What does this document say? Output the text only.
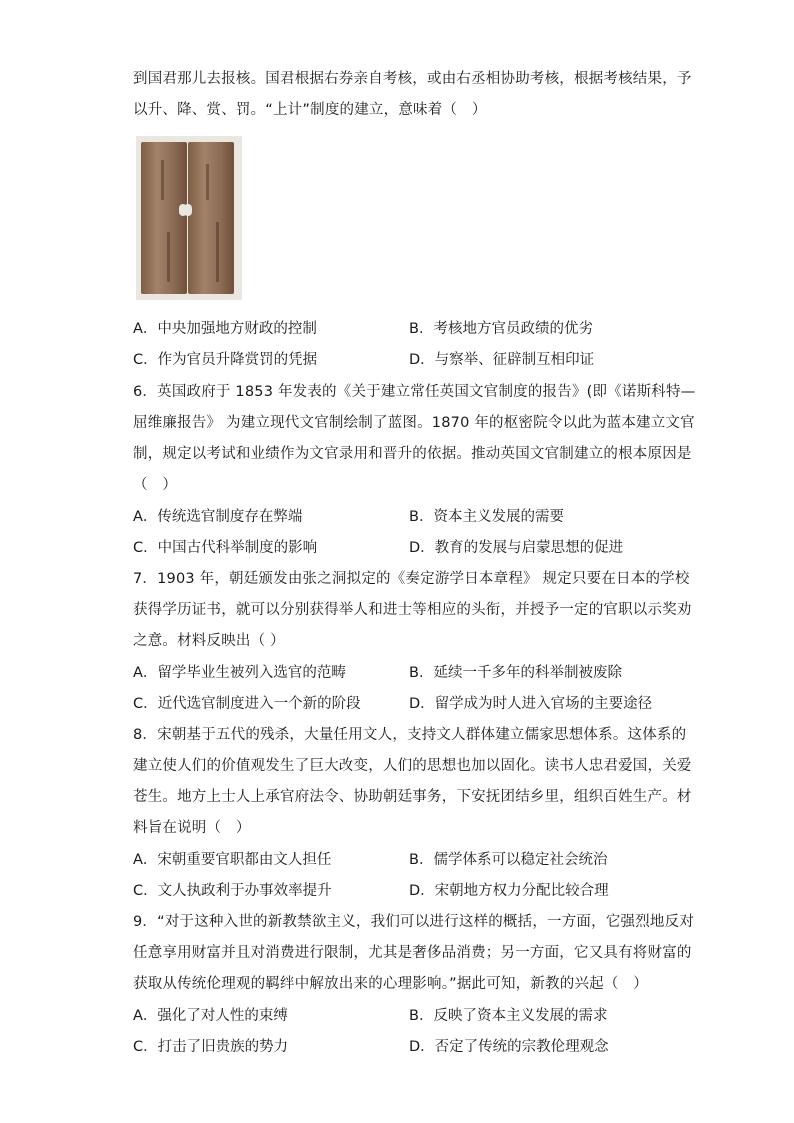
到国君那儿去报核。国君根据右券亲自考核，或由右丞相协助考核，根据考核结果，予
以升、降、赏、罚。“上计”制度的建立，意味着（　）
A．中央加强地方财政的控制	B．考核地方官员政绩的优劣
C．作为官员升降赏罚的凭据	D．与察举、征辟制互相印证
6．英国政府于 1853 年发表的《关于建立常任英国文官制度的报告》(即《诺斯科特—
屈维廉报告》 为建立现代文官制绘制了蓝图。1870 年的枢密院令以此为蓝本建立文官
制，规定以考试和业绩作为文官录用和晋升的依据。推动英国文官制建立的根本原因是
（　）
A．传统选官制度存在弊端	B．资本主义发展的需要
C．中国古代科举制度的影响	D．教育的发展与启蒙思想的促进
7．1903 年，朝廷颁发由张之洞拟定的《奏定游学日本章程》 规定只要在日本的学校
获得学历证书，就可以分别获得举人和进士等相应的头衔，并授予一定的官职以示奖劝
之意。材料反映出（ ）
A．留学毕业生被列入选官的范畴	B．延续一千多年的科举制被废除
C．近代选官制度进入一个新的阶段	D．留学成为时人进入官场的主要途径
8．宋朝基于五代的残杀，大量任用文人，支持文人群体建立儒家思想体系。这体系的
建立使人们的价值观发生了巨大改变，人们的思想也加以固化。读书人忠君爱国，关爱
苍生。地方上士人上承官府法令、协助朝廷事务，下安抚团结乡里，组织百姓生产。材
料旨在说明（　）
A．宋朝重要官职都由文人担任	B．儒学体系可以稳定社会统治
C．文人执政利于办事效率提升	D．宋朝地方权力分配比较合理
9．“对于这种入世的新教禁欲主义，我们可以进行这样的概括，一方面，它强烈地反对
任意享用财富并且对消费进行限制，尤其是奢侈品消费；另一方面，它又具有将财富的
获取从传统伦理观的羁绊中解放出来的心理影响。”据此可知，新教的兴起（　）
A．强化了对人性的束缚	B．反映了资本主义发展的需求
C．打击了旧贵族的势力	D．否定了传统的宗教伦理观念
